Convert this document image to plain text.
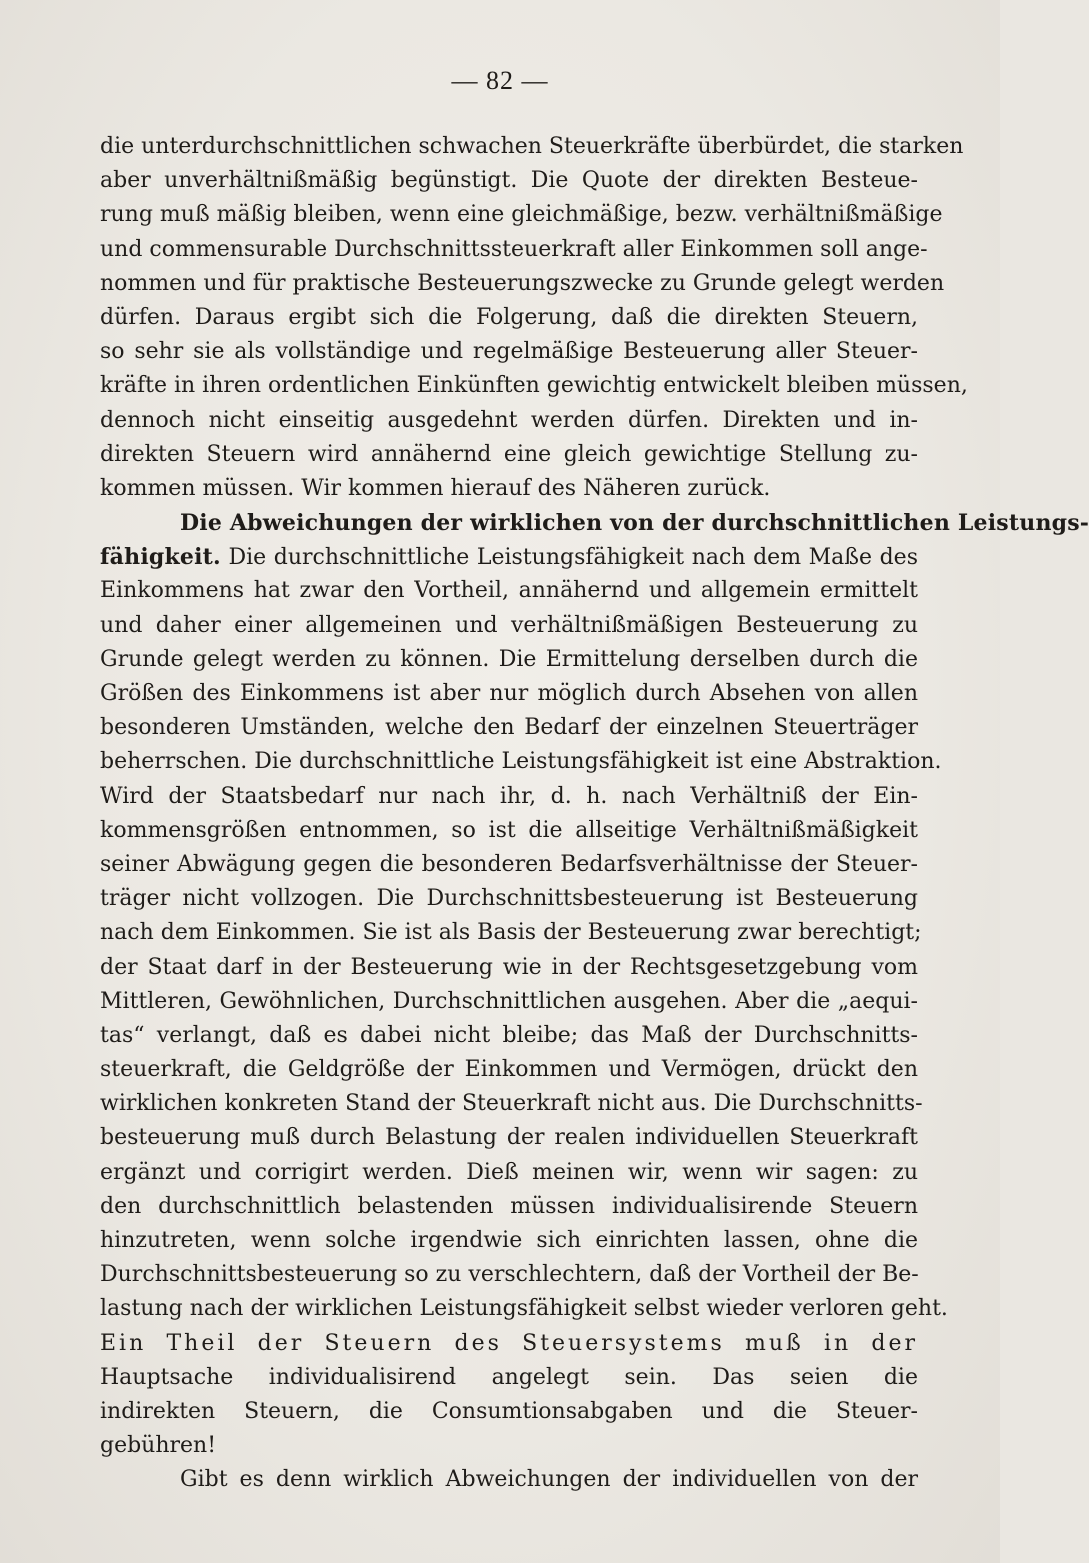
— 82 —
die unterdurchschnittlichen schwachen Steuerkräfte überbürdet, die starken
aber unverhältnißmäßig begünstigt. Die Quote der direkten Besteue-
rung muß mäßig bleiben, wenn eine gleichmäßige, bezw. verhältnißmäßige
und commensurable Durchschnittssteuerkraft aller Einkommen soll ange-
nommen und für praktische Besteuerungszwecke zu Grunde gelegt werden
dürfen. Daraus ergibt sich die Folgerung, daß die direkten Steuern,
so sehr sie als vollständige und regelmäßige Besteuerung aller Steuer-
kräfte in ihren ordentlichen Einkünften gewichtig entwickelt bleiben müssen,
dennoch nicht einseitig ausgedehnt werden dürfen. Direkten und in-
direkten Steuern wird annähernd eine gleich gewichtige Stellung zu-
kommen müssen. Wir kommen hierauf des Näheren zurück.
Die Abweichungen der wirklichen von der durchschnittlichen Leistungs-
fähigkeit. Die durchschnittliche Leistungsfähigkeit nach dem Maße des
Einkommens hat zwar den Vortheil, annähernd und allgemein ermittelt
und daher einer allgemeinen und verhältnißmäßigen Besteuerung zu
Grunde gelegt werden zu können. Die Ermittelung derselben durch die
Größen des Einkommens ist aber nur möglich durch Absehen von allen
besonderen Umständen, welche den Bedarf der einzelnen Steuerträger
beherrschen. Die durchschnittliche Leistungsfähigkeit ist eine Abstraktion.
Wird der Staatsbedarf nur nach ihr, d. h. nach Verhältniß der Ein-
kommensgrößen entnommen, so ist die allseitige Verhältnißmäßigkeit
seiner Abwägung gegen die besonderen Bedarfsverhältnisse der Steuer-
träger nicht vollzogen. Die Durchschnittsbesteuerung ist Besteuerung
nach dem Einkommen. Sie ist als Basis der Besteuerung zwar berechtigt;
der Staat darf in der Besteuerung wie in der Rechtsgesetzgebung vom
Mittleren, Gewöhnlichen, Durchschnittlichen ausgehen. Aber die „aequi-
tas“ verlangt, daß es dabei nicht bleibe; das Maß der Durchschnitts-
steuerkraft, die Geldgröße der Einkommen und Vermögen, drückt den
wirklichen konkreten Stand der Steuerkraft nicht aus. Die Durchschnitts-
besteuerung muß durch Belastung der realen individuellen Steuerkraft
ergänzt und corrigirt werden. Dieß meinen wir, wenn wir sagen: zu
den durchschnittlich belastenden müssen individualisirende Steuern
hinzutreten, wenn solche irgendwie sich einrichten lassen, ohne die
Durchschnittsbesteuerung so zu verschlechtern, daß der Vortheil der Be-
lastung nach der wirklichen Leistungsfähigkeit selbst wieder verloren geht.
Ein Theil der Steuern des Steuersystems muß in der
Hauptsache individualisirend angelegt sein. Das seien die
indirekten Steuern, die Consumtionsabgaben und die Steuer-
gebühren!
Gibt es denn wirklich Abweichungen der individuellen von der
